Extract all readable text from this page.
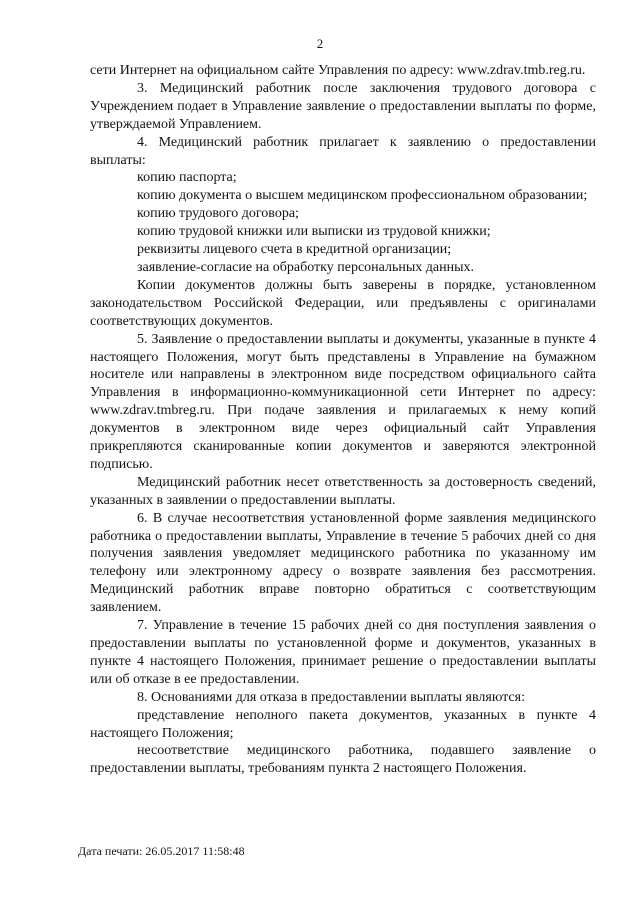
2

сети Интернет на официальном сайте Управления по адресу: www.zdrav.tmb.reg.ru.

3. Медицинский работник после заключения трудового договора с Учреждением подает в Управление заявление о предоставлении выплаты по форме, утверждаемой Управлением.

4. Медицинский работник прилагает к заявлению о предоставлении выплаты:

копию паспорта;

копию документа о высшем медицинском профессиональном образовании;

копию трудового договора;

копию трудовой книжки или выписки из трудовой книжки;

реквизиты лицевого счета в кредитной организации;

заявление-согласие на обработку персональных данных.

Копии документов должны быть заверены в порядке, установленном законодательством Российской Федерации, или предъявлены с оригиналами соответствующих документов.

5. Заявление о предоставлении выплаты и документы, указанные в пункте 4 настоящего Положения, могут быть представлены в Управление на бумажном носителе или направлены в электронном виде посредством официального сайта Управления в информационно-коммуникационной сети Интернет по адресу: www.zdrav.tmbreg.ru. При подаче заявления и прилагаемых к нему копий документов в электронном виде через официальный сайт Управления прикрепляются сканированные копии документов и заверяются электронной подписью.

Медицинский работник несет ответственность за достоверность сведений, указанных в заявлении о предоставлении выплаты.

6. В случае несоответствия установленной форме заявления медицинского работника о предоставлении выплаты, Управление в течение 5 рабочих дней со дня получения заявления уведомляет медицинского работника по указанному им телефону или электронному адресу о возврате заявления без рассмотрения. Медицинский работник вправе повторно обратиться с соответствующим заявлением.

7. Управление в течение 15 рабочих дней со дня поступления заявления о предоставлении выплаты по установленной форме и документов, указанных в пункте 4 настоящего Положения, принимает решение о предоставлении выплаты или об отказе в ее предоставлении.

8. Основаниями для отказа в предоставлении выплаты являются:

представление неполного пакета документов, указанных в пункте 4 настоящего Положения;

несоответствие медицинского работника, подавшего заявление о предоставлении выплаты, требованиям пункта 2 настоящего Положения.

Дата печати: 26.05.2017 11:58:48
